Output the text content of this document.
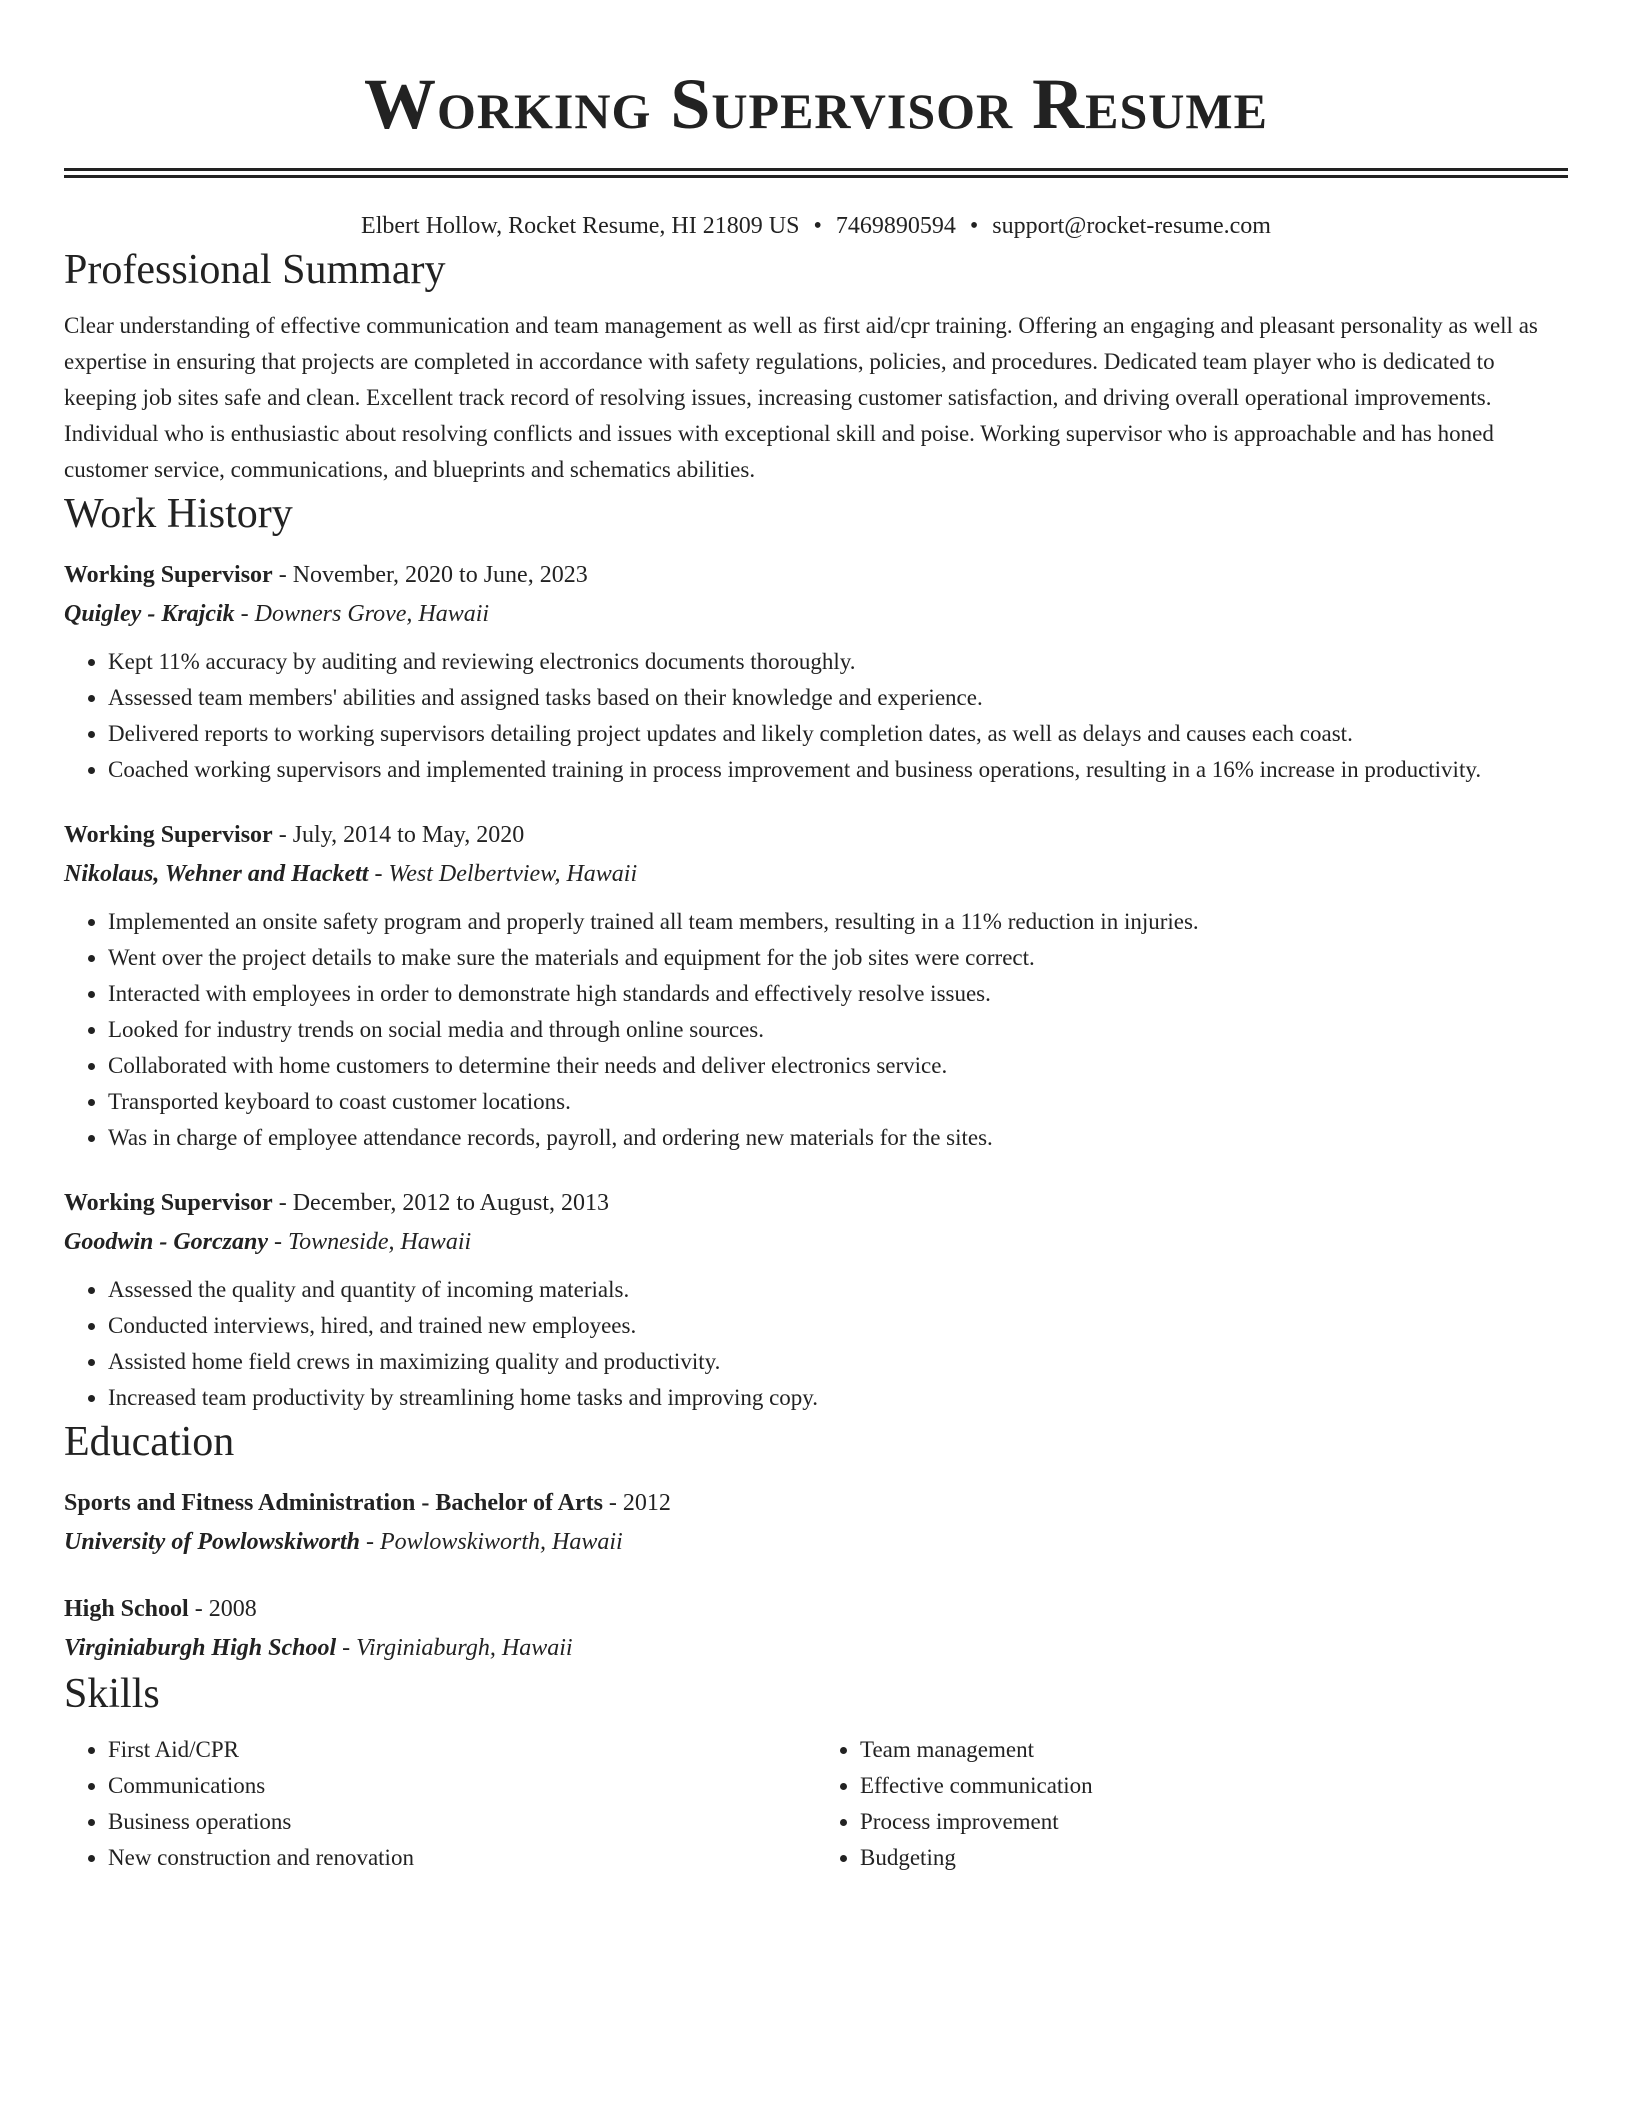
Working Supervisor Resume
Elbert Hollow, Rocket Resume, HI 21809 US • 7469890594 • support@rocket-resume.com
Professional Summary

Clear understanding of effective communication and team management as well as first aid/cpr training. Offering an engaging and pleasant personality as well as expertise in ensuring that projects are completed in accordance with safety regulations, policies, and procedures. Dedicated team player who is dedicated to keeping job sites safe and clean. Excellent track record of resolving issues, increasing customer satisfaction, and driving overall operational improvements. Individual who is enthusiastic about resolving conflicts and issues with exceptional skill and poise. Working supervisor who is approachable and has honed customer service, communications, and blueprints and schematics abilities.

Work History
Working Supervisor - November, 2020 to June, 2023
Quigley - Krajcik - Downers Grove, Hawaii
• Kept 11% accuracy by auditing and reviewing electronics documents thoroughly.
• Assessed team members' abilities and assigned tasks based on their knowledge and experience.
• Delivered reports to working supervisors detailing project updates and likely completion dates, as well as delays and causes each coast.
• Coached working supervisors and implemented training in process improvement and business operations, resulting in a 16% increase in productivity.
Working Supervisor - July, 2014 to May, 2020
Nikolaus, Wehner and Hackett - West Delbertview, Hawaii
• Implemented an onsite safety program and properly trained all team members, resulting in a 11% reduction in injuries.
• Went over the project details to make sure the materials and equipment for the job sites were correct.
• Interacted with employees in order to demonstrate high standards and effectively resolve issues.
• Looked for industry trends on social media and through online sources.
• Collaborated with home customers to determine their needs and deliver electronics service.
• Transported keyboard to coast customer locations.
• Was in charge of employee attendance records, payroll, and ordering new materials for the sites.
Working Supervisor - December, 2012 to August, 2013
Goodwin - Gorczany - Towneside, Hawaii
• Assessed the quality and quantity of incoming materials.
• Conducted interviews, hired, and trained new employees.
• Assisted home field crews in maximizing quality and productivity.
• Increased team productivity by streamlining home tasks and improving copy.
Education
Sports and Fitness Administration - Bachelor of Arts - 2012
University of Powlowskiworth - Powlowskiworth, Hawaii
High School - 2008
Virginiaburgh High School - Virginiaburgh, Hawaii
Skills
• First Aid/CPR
• Communications
• Business operations
• New construction and renovation
• Team management
• Effective communication
• Process improvement
• Budgeting
